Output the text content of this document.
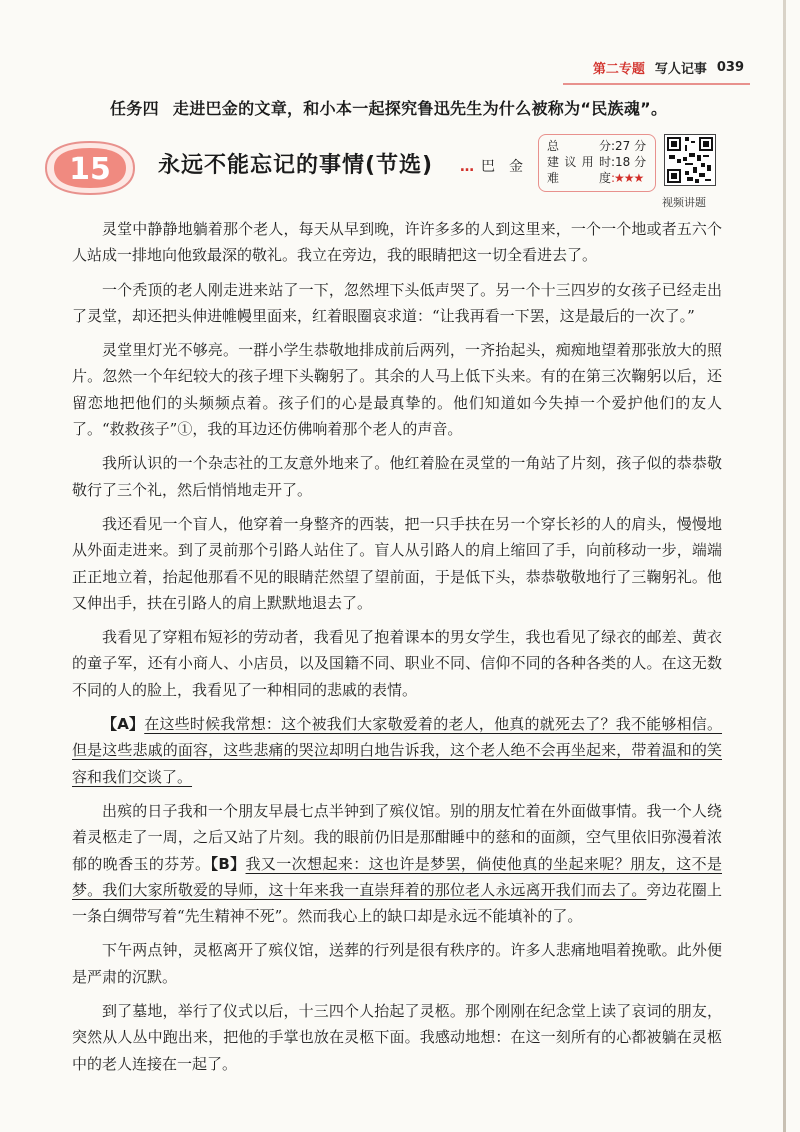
第二专题 写人记事 039
任务四 走进巴金的文章，和小本一起探究鲁迅先生为什么被称为“民族魂”。
15 永远不能忘记的事情(节选) … 巴　金
总　分 :27 分
建议用时 :18 分
难　度 :★★★
视频讲题

灵堂中静静地躺着那个老人，每天从早到晚，许许多多的人到这里来，一个一个地或者五六个人站成一排地向他致最深的敬礼。我立在旁边，我的眼睛把这一切全看进去了。

一个秃顶的老人刚走进来站了一下，忽然埋下头低声哭了。另一个十三四岁的女孩子已经走出了灵堂，却还把头伸进帷幔里面来，红着眼圈哀求道：“让我再看一下罢，这是最后的一次了。”

灵堂里灯光不够亮。一群小学生恭敬地排成前后两列，一齐抬起头，痴痴地望着那张放大的照片。忽然一个年纪较大的孩子埋下头鞠躬了。其余的人马上低下头来。有的在第三次鞠躬以后，还留恋地把他们的头频频点着。孩子们的心是最真挚的。他们知道如今失掉一个爱护他们的友人了。“救救孩子”①，我的耳边还仿佛响着那个老人的声音。

我所认识的一个杂志社的工友意外地来了。他红着脸在灵堂的一角站了片刻，孩子似的恭恭敬敬行了三个礼，然后悄悄地走开了。

我还看见一个盲人，他穿着一身整齐的西装，把一只手扶在另一个穿长衫的人的肩头，慢慢地从外面走进来。到了灵前那个引路人站住了。盲人从引路人的肩上缩回了手，向前移动一步，端端正正地立着，抬起他那看不见的眼睛茫然望了望前面，于是低下头，恭恭敬敬地行了三鞠躬礼。他又伸出手，扶在引路人的肩上默默地退去了。

我看见了穿粗布短衫的劳动者，我看见了抱着课本的男女学生，我也看见了绿衣的邮差、黄衣的童子军，还有小商人、小店员，以及国籍不同、职业不同、信仰不同的各种各类的人。在这无数不同的人的脸上，我看见了一种相同的悲戚的表情。

【A】在这些时候我常想：这个被我们大家敬爱着的老人，他真的就死去了？我不能够相信。但是这些悲戚的面容，这些悲痛的哭泣却明白地告诉我，这个老人绝不会再坐起来，带着温和的笑容和我们交谈了。

出殡的日子我和一个朋友早晨七点半钟到了殡仪馆。别的朋友忙着在外面做事情。我一个人绕着灵柩走了一周，之后又站了片刻。我的眼前仍旧是那酣睡中的慈和的面颜，空气里依旧弥漫着浓郁的晚香玉的芬芳。【B】我又一次想起来：这也许是梦罢，倘使他真的坐起来呢？朋友，这不是梦。我们大家所敬爱的导师，这十年来我一直崇拜着的那位老人永远离开我们而去了。旁边花圈上一条白绸带写着“先生精神不死”。然而我心上的缺口却是永远不能填补的了。

下午两点钟，灵柩离开了殡仪馆，送葬的行列是很有秩序的。许多人悲痛地唱着挽歌。此外便是严肃的沉默。

到了墓地，举行了仪式以后，十三四个人抬起了灵柩。那个刚刚在纪念堂上读了哀词的朋友，突然从人丛中跑出来，把他的手掌也放在灵柩下面。我感动地想：在这一刻所有的心都被躺在灵柩中的老人连接在一起了。
